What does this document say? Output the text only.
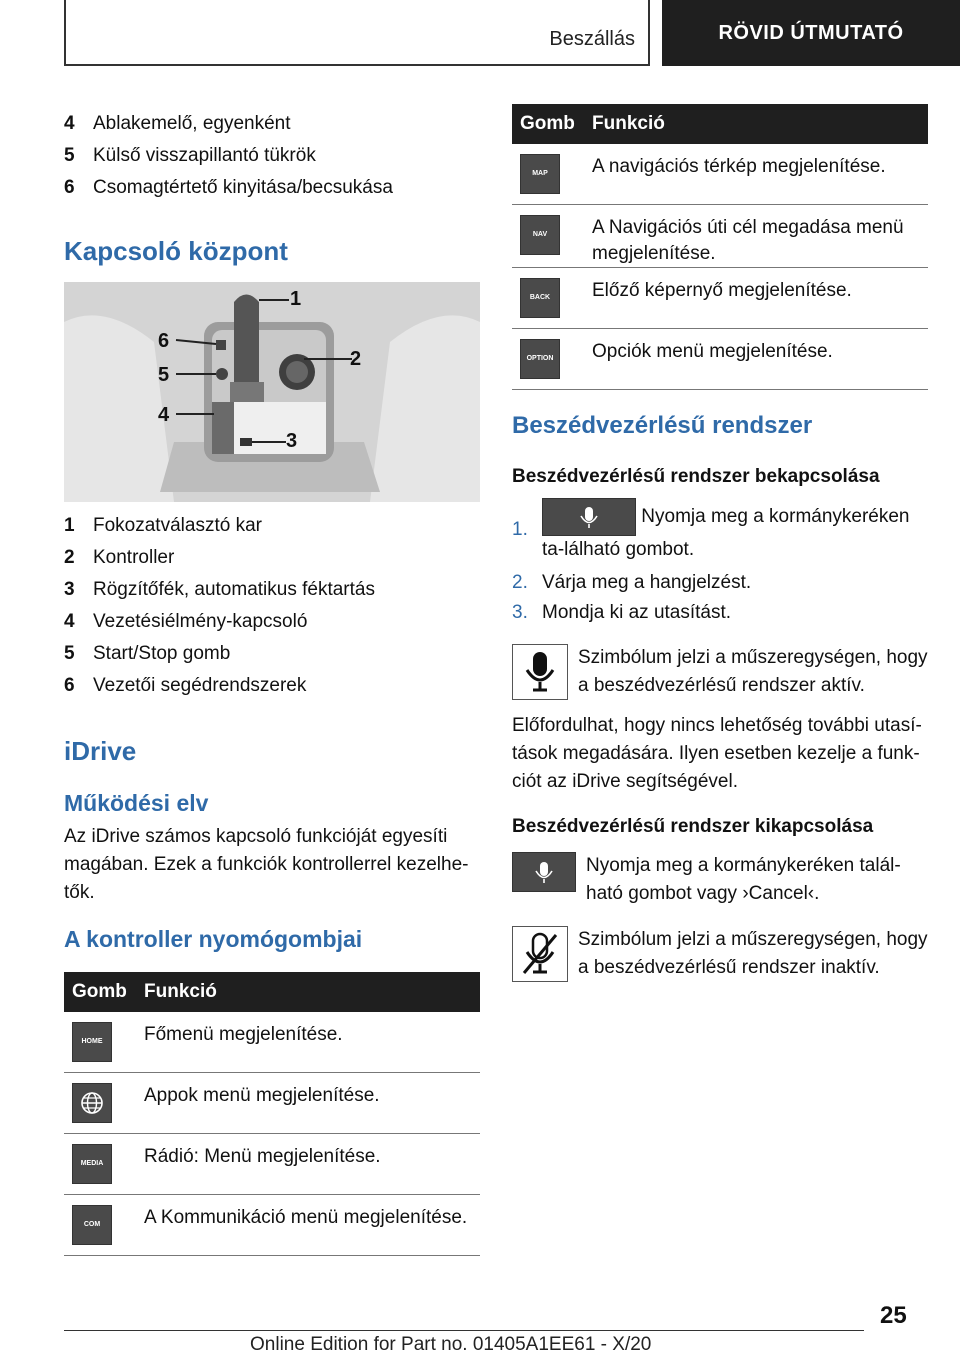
Beszállás	RÖVID ÚTMUTATÓ
4 Ablakemelő, egyenként
5 Külső visszapillantó tükrök
6 Csomagtértető kinyitása/becsukása
Kapcsoló központ
1
2
3
4
5
6
1 Fokozatválasztó kar
2 Kontroller
3 Rögzítőfék, automatikus féktartás
4 Vezetésiélmény-kapcsoló
5 Start/Stop gomb
6 Vezetői segédrendszerek
iDrive
Működési elv

Az iDrive számos kapcsoló funkcióját egyesíti magában. Ezek a funkciók kontrollerrel kezelhe-tők.

A kontroller nyomógombjai
Gomb	Funkció

HOME	Főmenü megjelenítése.

	Appok menü megjelenítése.

MEDIA	Rádió: Menü megjelenítése.

COM	A Kommunikáció menü megjelenítése.
Gomb	Funkció

MAP	A navigációs térkép megjelenítése.

NAV	A Navigációs úti cél megadása menü megjelenítése.

BACK	Előző képernyő megjelenítése.

OPTION	Opciók menü megjelenítése.
Beszédvezérlésű rendszer

Beszédvezérlésű rendszer bekapcsolása

1.
Nyomja meg a kormánykeréken ta-lálható gombot.
2. Várja meg a hangjelzést.
3. Mondja ki az utasítást.

Szimbólum jelzi a műszeregységen, hogy a beszédvezérlésű rendszer aktív.

Előfordulhat, hogy nincs lehetőség további utasí-tások megadására. Ilyen esetben kezelje a funk-ciót az iDrive segítségével.

Beszédvezérlésű rendszer kikapcsolása

Nyomja meg a kormánykeréken talál-ható gombot vagy ›Cancel‹.

Szimbólum jelzi a műszeregységen, hogy a beszédvezérlésű rendszer inaktív.

25
Online Edition for Part no. 01405A1EE61 - X/20
